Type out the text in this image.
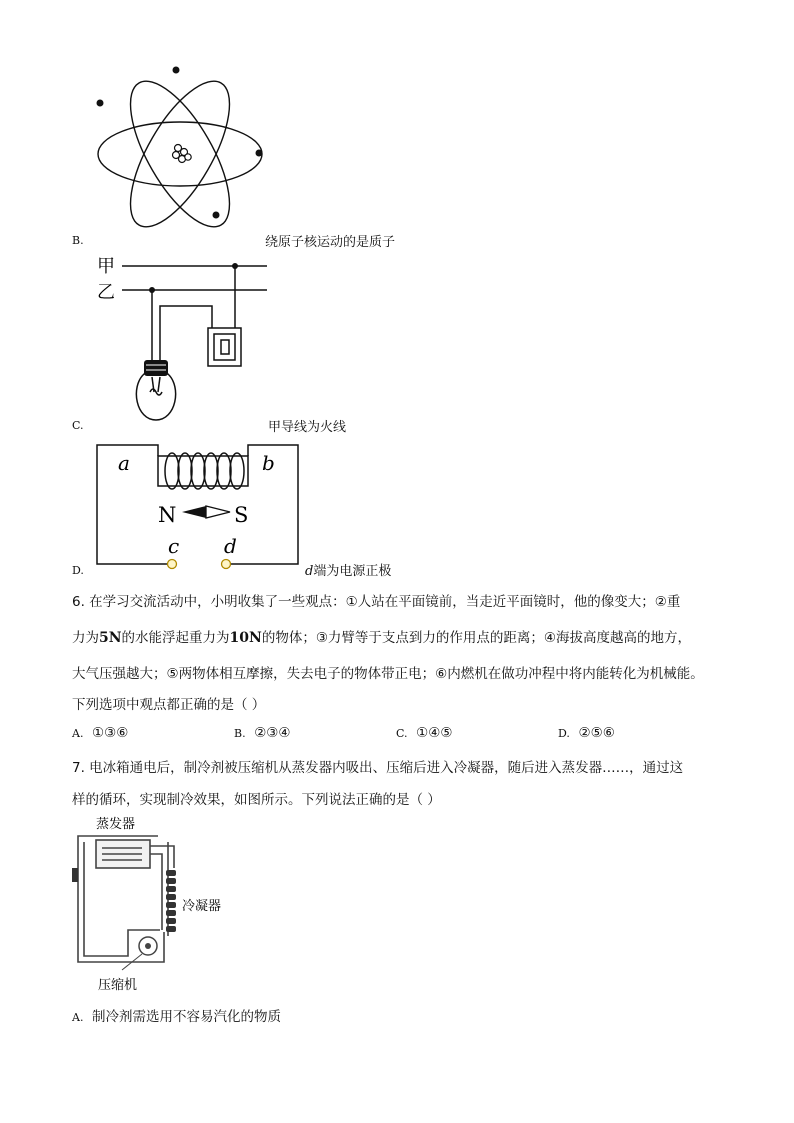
B.	绕原子核运动的是质子
甲
乙
C.	甲导线为火线
a	b
N	S
c d
D.	d端为电源正极
6. 在学习交流活动中，小明收集了一些观点：①人站在平面镜前，当走近平面镜时，他的像变大；②重
力为5N的水能浮起重力为10N的物体；③力臂等于支点到力的作用点的距离；④海拔高度越高的地方，
大气压强越大；⑤两物体相互摩擦，失去电子的物体带正电；⑥内燃机在做功冲程中将内能转化为机械能。
下列选项中观点都正确的是（ ）
A. ①③⑥	B. ②③④	C. ①④⑤	D. ②⑤⑥
7. 电冰箱通电后，制冷剂被压缩机从蒸发器内吸出、压缩后进入冷凝器，随后进入蒸发器……，通过这
样的循环，实现制冷效果，如图所示。下列说法正确的是（ ）
蒸发器
冷凝器
压缩机
A. 制冷剂需选用不容易汽化的物质
